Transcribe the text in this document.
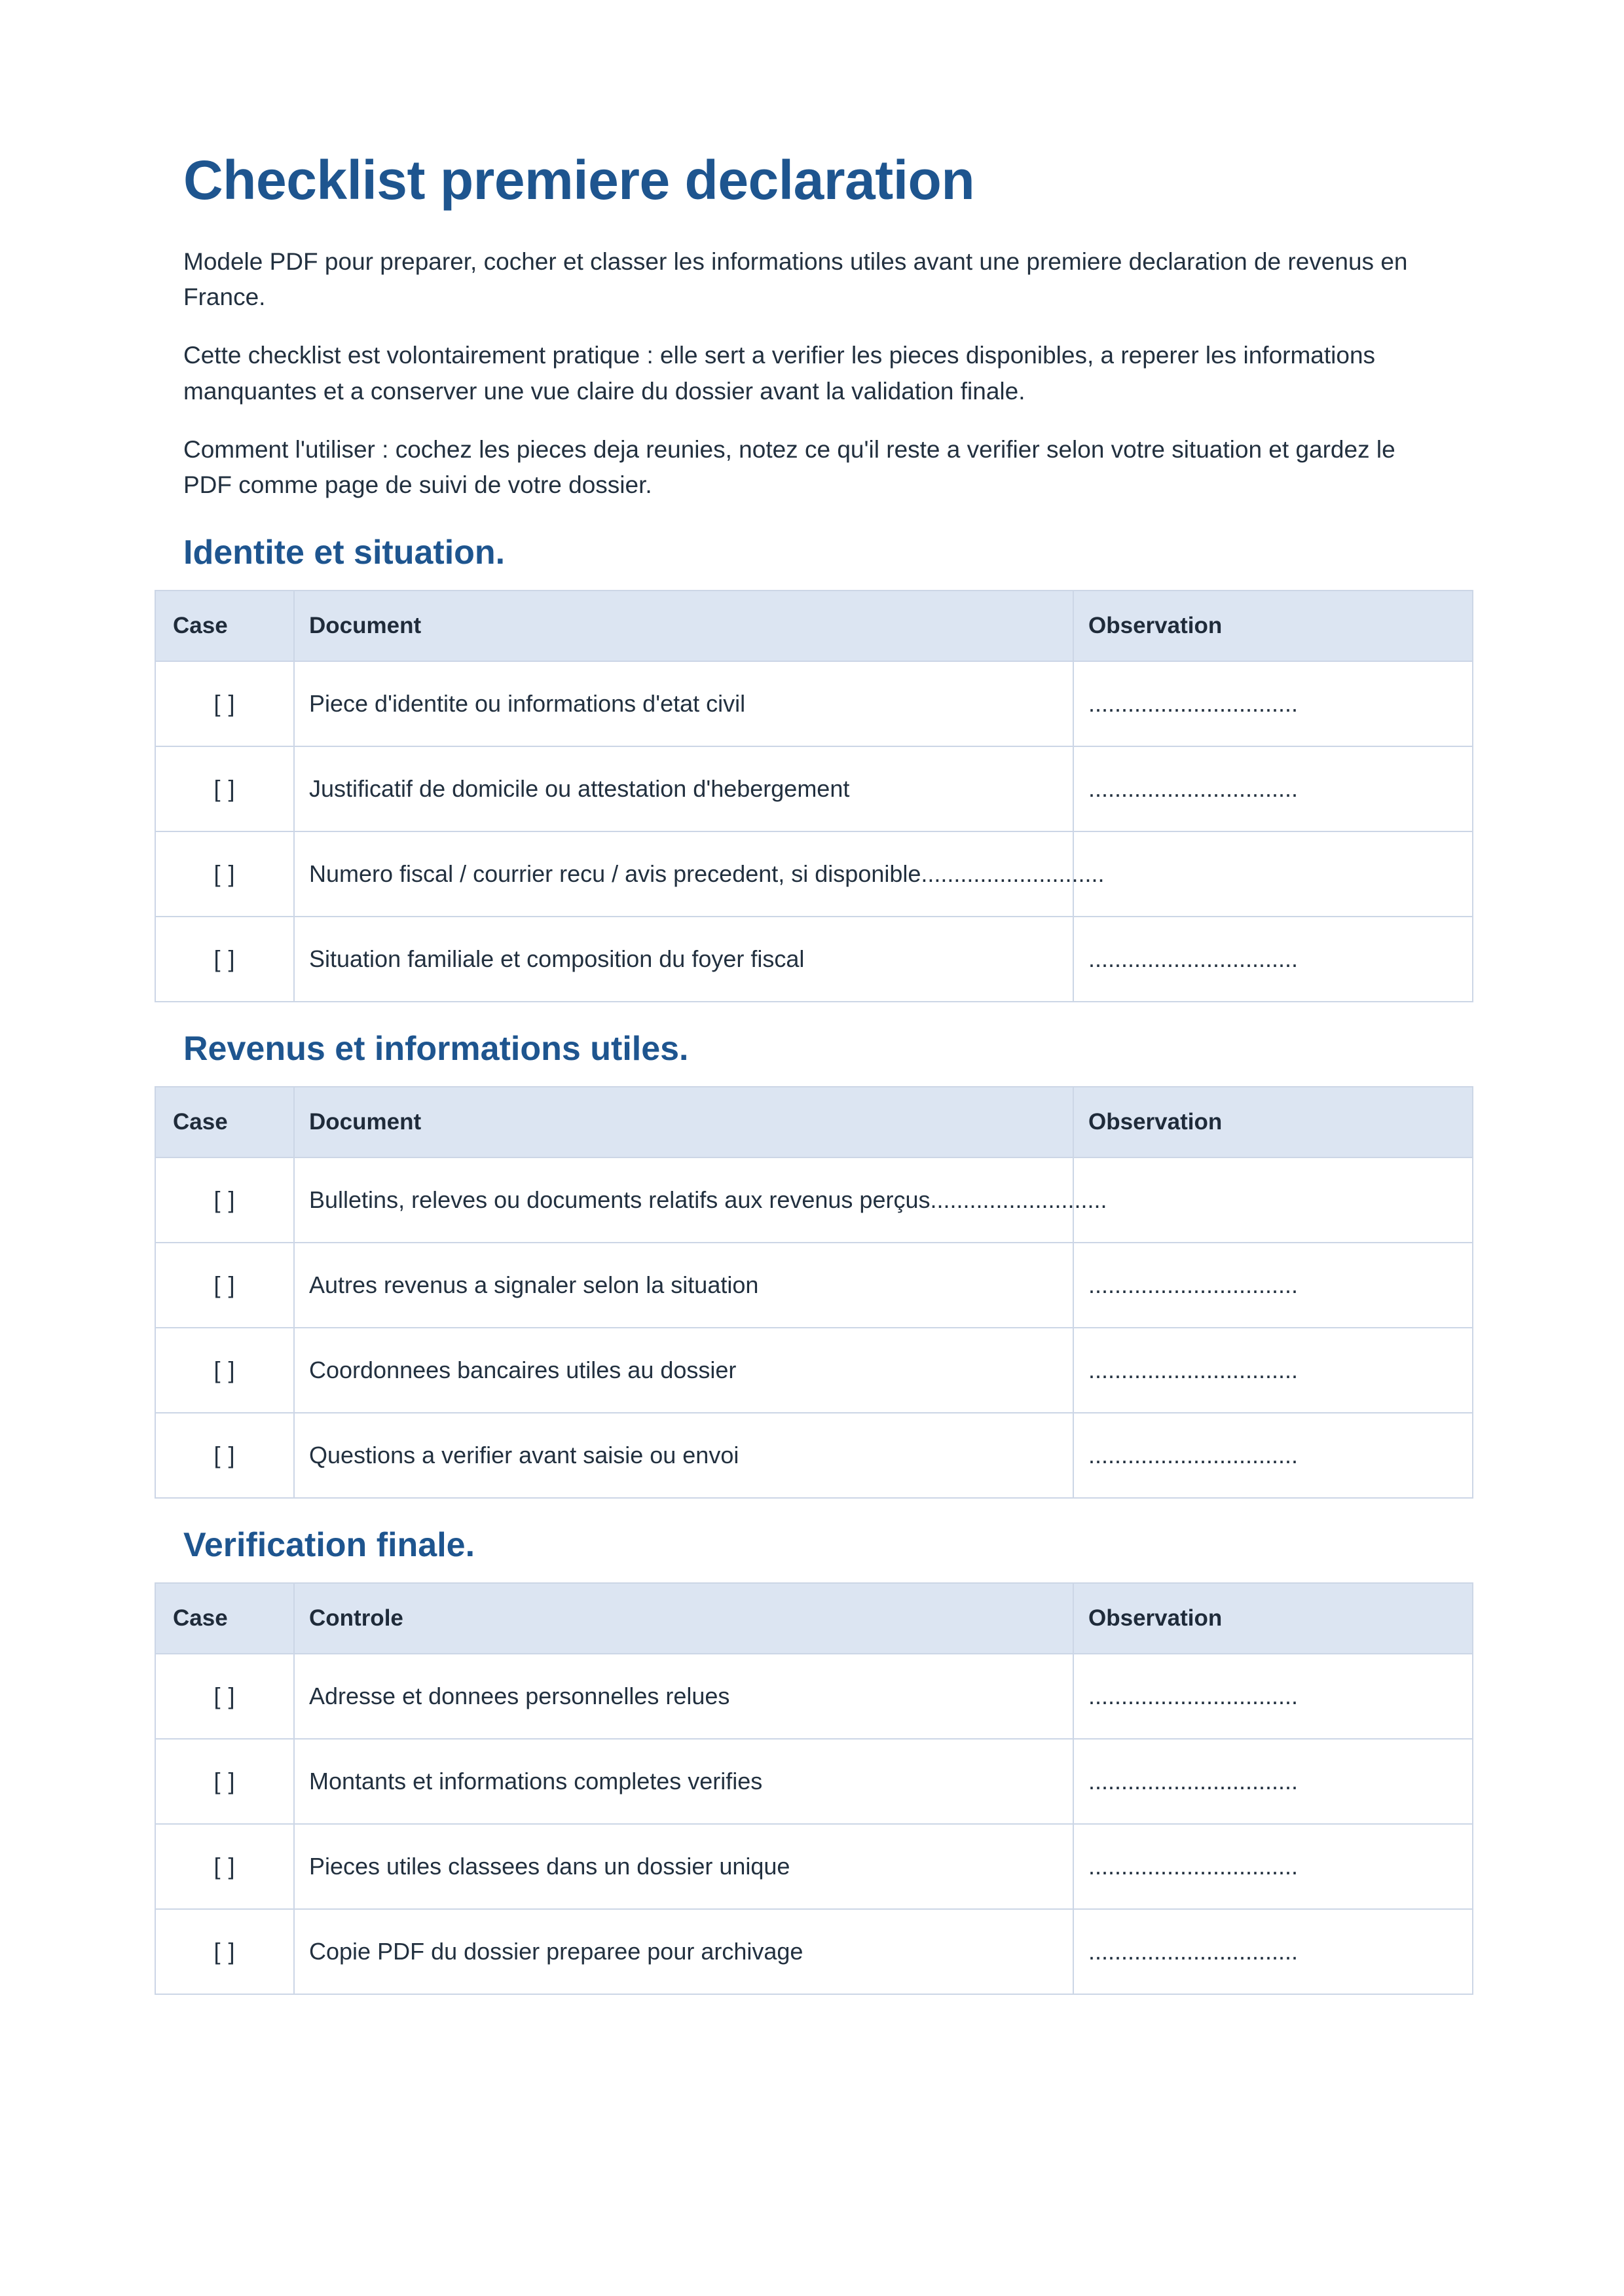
Checklist premiere declaration

Modele PDF pour preparer, cocher et classer les informations utiles avant une premiere declaration de revenus en France.

Cette checklist est volontairement pratique : elle sert a verifier les pieces disponibles, a reperer les informations manquantes et a conserver une vue claire du dossier avant la validation finale.

Comment l'utiliser : cochez les pieces deja reunies, notez ce qu'il reste a verifier selon votre situation et gardez le PDF comme page de suivi de votre dossier.

Identite et situation.
Case	Document	Observation
[ ]	Piece d'identite ou informations d'etat civil	................................
[ ]	Justificatif de domicile ou attestation d'hebergement	................................
[ ]	Numero fiscal / courrier recu / avis precedent, si disponible............................	
[ ]	Situation familiale et composition du foyer fiscal	................................
Revenus et informations utiles.
Case	Document	Observation
[ ]	Bulletins, releves ou documents relatifs aux revenus perçus...........................	
[ ]	Autres revenus a signaler selon la situation	................................
[ ]	Coordonnees bancaires utiles au dossier	................................
[ ]	Questions a verifier avant saisie ou envoi	................................
Verification finale.
Case	Controle	Observation
[ ]	Adresse et donnees personnelles relues	................................
[ ]	Montants et informations completes verifies	................................
[ ]	Pieces utiles classees dans un dossier unique	................................
[ ]	Copie PDF du dossier preparee pour archivage	................................
